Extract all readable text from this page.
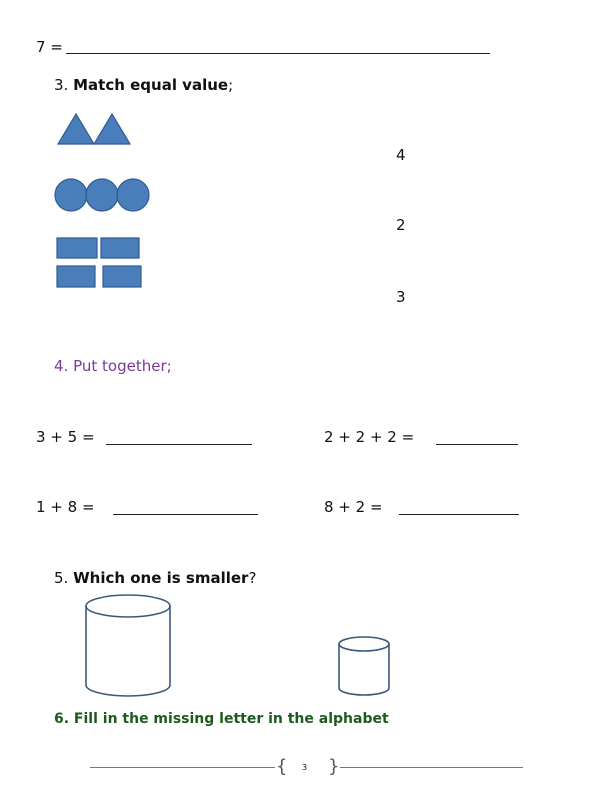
7 =
3. Match equal value;
4
2
3
4. Put together;
3 + 5 =	2 + 2 + 2 =
1 + 8 =	8 + 2 =
5. Which one is smaller?
6. Fill in the missing letter in the alphabet
{ 3 }
